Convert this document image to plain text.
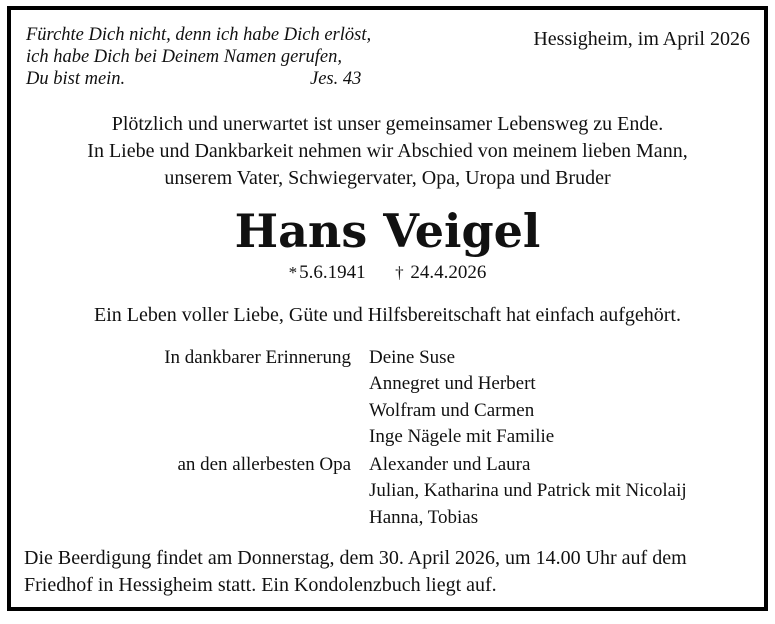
Fürchte Dich nicht, denn ich habe Dich erlöst,
ich habe Dich bei Deinem Namen gerufen,
Du bist mein.	Jes. 43
Hessigheim, im April 2026
Plötzlich und unerwartet ist unser gemeinsamer Lebensweg zu Ende.
In Liebe und Dankbarkeit nehmen wir Abschied von meinem lieben Mann,
unserem Vater, Schwiegervater, Opa, Uropa und Bruder
Hans Veigel
* 5.6.1941 † 24.4.2026
Ein Leben voller Liebe, Güte und Hilfsbereitschaft hat einfach aufgehört.
In dankbarer Erinnerung Deine Suse
Annegret und Herbert
Wolfram und Carmen
Inge Nägele mit Familie
an den allerbesten Opa Alexander und Laura
Julian, Katharina und Patrick mit Nicolaij
Hanna, Tobias
Die Beerdigung findet am Donnerstag, dem 30. April 2026, um 14.00 Uhr auf dem
Friedhof in Hessigheim statt. Ein Kondolenzbuch liegt auf.
